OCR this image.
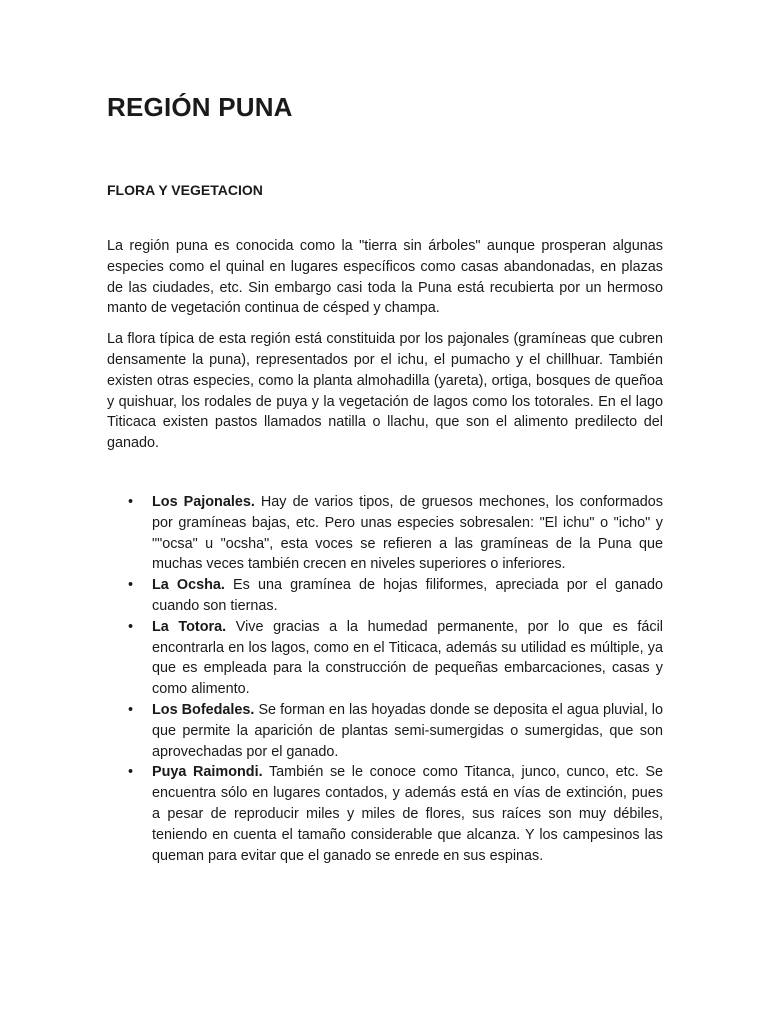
REGIÓN PUNA
FLORA Y VEGETACION

La región puna es conocida como la "tierra sin árboles" aunque prosperan algunas especies como el quinal en lugares específicos como casas abandonadas, en plazas de las ciudades, etc. Sin embargo casi toda la Puna está recubierta por un hermoso manto de vegetación continua de césped y champa.

La flora típica de esta región está constituida por los pajonales (gramíneas que cubren densamente la puna), representados por el ichu, el pumacho y el chillhuar. También existen otras especies, como la planta almohadilla (yareta), ortiga, bosques de queñoa y quishuar, los rodales de puya y la vegetación de lagos como los totorales. En el lago Titicaca existen pastos llamados natilla o llachu, que son el alimento predilecto del ganado.

• Los Pajonales. Hay de varios tipos, de gruesos mechones, los conformados por gramíneas bajas, etc. Pero unas especies sobresalen: "El ichu" o "icho" y ""ocsa" u "ocsha", esta voces se refieren a las gramíneas de la Puna que muchas veces también crecen en niveles superiores o inferiores.
• La Ocsha. Es una gramínea de hojas filiformes, apreciada por el ganado cuando son tiernas.
• La Totora. Vive gracias a la humedad permanente, por lo que es fácil encontrarla en los lagos, como en el Titicaca, además su utilidad es múltiple, ya que es empleada para la construcción de pequeñas embarcaciones, casas y como alimento.
• Los Bofedales. Se forman en las hoyadas donde se deposita el agua pluvial, lo que permite la aparición de plantas semi-sumergidas o sumergidas, que son aprovechadas por el ganado.
• Puya Raimondi. También se le conoce como Titanca, junco, cunco, etc. Se encuentra sólo en lugares contados, y además está en vías de extinción, pues a pesar de reproducir miles y miles de flores, sus raíces son muy débiles, teniendo en cuenta el tamaño considerable que alcanza. Y los campesinos las queman para evitar que el ganado se enrede en sus espinas.
